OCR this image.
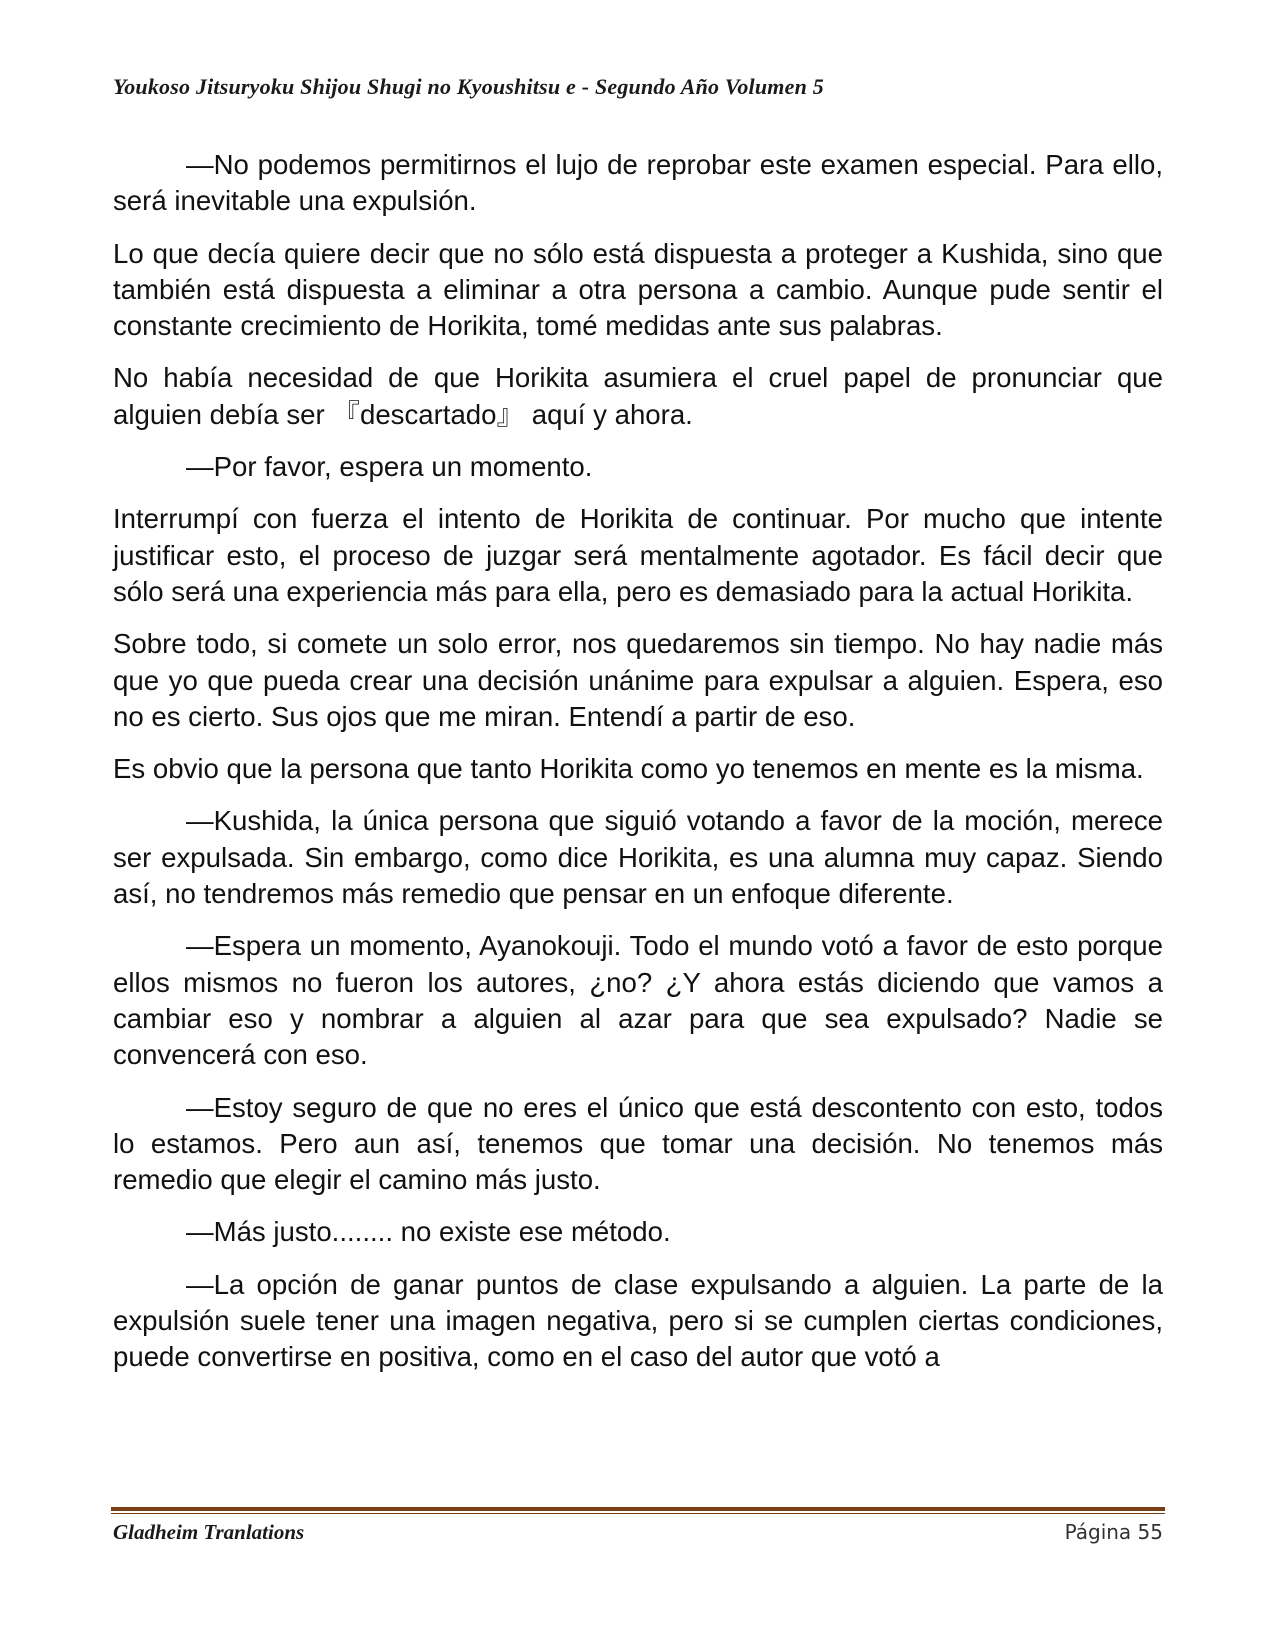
Youkoso Jitsuryoku Shijou Shugi no Kyoushitsu e - Segundo Año Volumen 5

—No podemos permitirnos el lujo de reprobar este examen especial. Para ello, será inevitable una expulsión.

Lo que decía quiere decir que no sólo está dispuesta a proteger a Kushida, sino que también está dispuesta a eliminar a otra persona a cambio. Aunque pude sentir el constante crecimiento de Horikita, tomé medidas ante sus palabras.

No había necesidad de que Horikita asumiera el cruel papel de pronunciar que alguien debía ser 『descartado』 aquí y ahora.

—Por favor, espera un momento.

Interrumpí con fuerza el intento de Horikita de continuar. Por mucho que intente justificar esto, el proceso de juzgar será mentalmente agotador. Es fácil decir que sólo será una experiencia más para ella, pero es demasiado para la actual Horikita.

Sobre todo, si comete un solo error, nos quedaremos sin tiempo. No hay nadie más que yo que pueda crear una decisión unánime para expulsar a alguien. Espera, eso no es cierto. Sus ojos que me miran. Entendí a partir de eso.

Es obvio que la persona que tanto Horikita como yo tenemos en mente es la misma.

—Kushida, la única persona que siguió votando a favor de la moción, merece ser expulsada. Sin embargo, como dice Horikita, es una alumna muy capaz. Siendo así, no tendremos más remedio que pensar en un enfoque diferente.

—Espera un momento, Ayanokouji. Todo el mundo votó a favor de esto porque ellos mismos no fueron los autores, ¿no? ¿Y ahora estás diciendo que vamos a cambiar eso y nombrar a alguien al azar para que sea expulsado? Nadie se convencerá con eso.

—Estoy seguro de que no eres el único que está descontento con esto, todos lo estamos. Pero aun así, tenemos que tomar una decisión. No tenemos más remedio que elegir el camino más justo.

—Más justo........ no existe ese método.

—La opción de ganar puntos de clase expulsando a alguien. La parte de la expulsión suele tener una imagen negativa, pero si se cumplen ciertas condiciones, puede convertirse en positiva, como en el caso del autor que votó a

Gladheim Tranlations	Página 55
